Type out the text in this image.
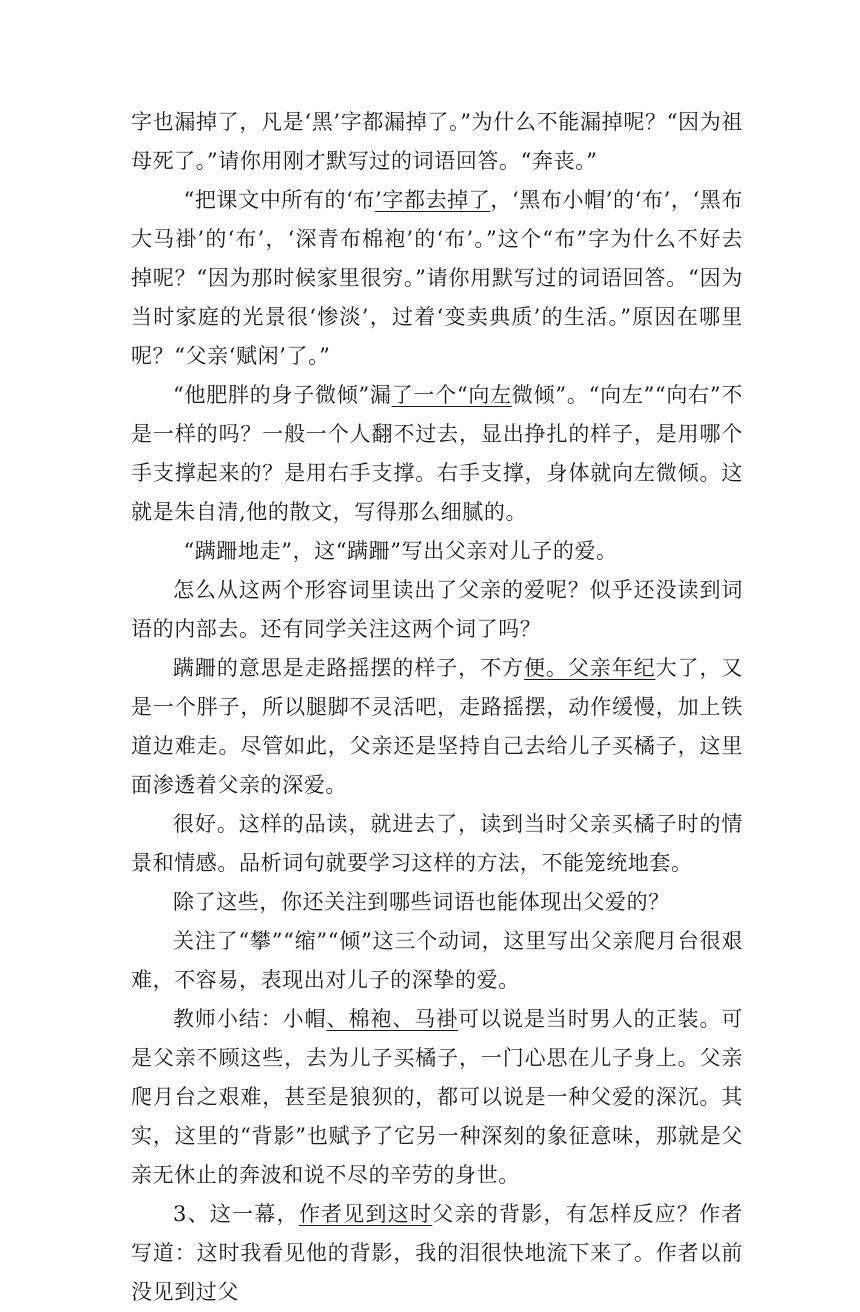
字也漏掉了，凡是‘黑’字都漏掉了。”为什么不能漏掉呢？“因为祖母死了。”请你用刚才默写过的词语回答。“奔丧。”

“把课文中所有的‘布’字都去掉了，‘黑布小帽’的‘布’，‘黑布大马褂’的‘布’，‘深青布棉袍’的‘布’。”这个“布”字为什么不好去掉呢？“因为那时候家里很穷。”请你用默写过的词语回答。“因为当时家庭的光景很‘惨淡’，过着‘变卖典质’的生活。”原因在哪里呢？“父亲‘赋闲’了。”

“他肥胖的身子微倾”漏了一个“向左微倾”。“向左”“向右”不是一样的吗？一般一个人翻不过去，显出挣扎的样子，是用哪个手支撑起来的？是用右手支撑。右手支撑，身体就向左微倾。这就是朱自清,他的散文，写得那么细腻的。

“蹒跚地走”，这“蹒跚”写出父亲对儿子的爱。

怎么从这两个形容词里读出了父亲的爱呢？似乎还没读到词语的内部去。还有同学关注这两个词了吗？

蹒跚的意思是走路摇摆的样子，不方便。父亲年纪大了，又是一个胖子，所以腿脚不灵活吧，走路摇摆，动作缓慢，加上铁道边难走。尽管如此，父亲还是坚持自己去给儿子买橘子，这里面渗透着父亲的深爱。

很好。这样的品读，就进去了，读到当时父亲买橘子时的情景和情感。品析词句就要学习这样的方法，不能笼统地套。

除了这些，你还关注到哪些词语也能体现出父爱的？

关注了“攀”“缩”“倾”这三个动词，这里写出父亲爬月台很艰难，不容易，表现出对儿子的深挚的爱。

教师小结：小帽、棉袍、马褂可以说是当时男人的正装。可是父亲不顾这些，去为儿子买橘子，一门心思在儿子身上。父亲爬月台之艰难，甚至是狼狈的，都可以说是一种父爱的深沉。其实，这里的“背影”也赋予了它另一种深刻的象征意味，那就是父亲无休止的奔波和说不尽的辛劳的身世。

3、这一幕，作者见到这时父亲的背影，有怎样反应？作者写道：这时我看见他的背影，我的泪很快地流下来了。作者以前没见到过父
